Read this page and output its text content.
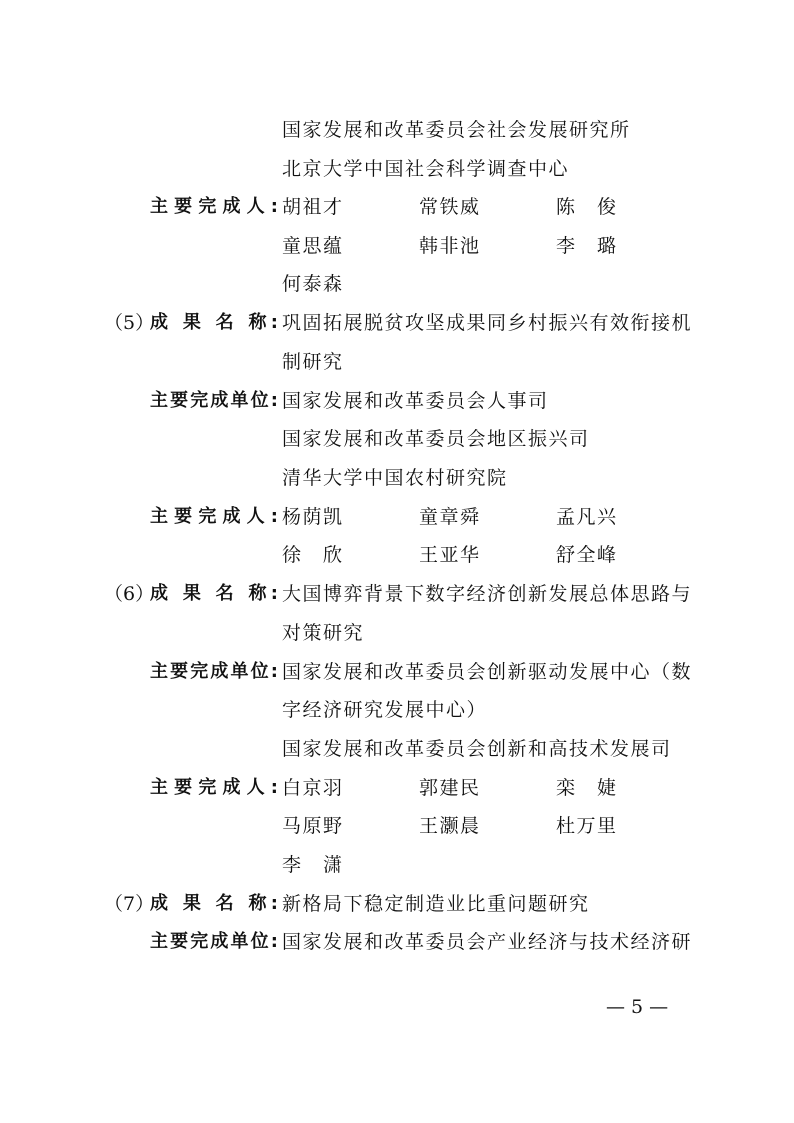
国家发展和改革委员会社会发展研究所
北京大学中国社会科学调查中心
主要完成人: 胡祖才	常铁威	陈　俊
童思蕴	韩非池	李　璐
何泰森
（5）
成 果 名 称: 巩固拓展脱贫攻坚成果同乡村振兴有效衔接机
制研究
主要完成单位: 国家发展和改革委员会人事司
国家发展和改革委员会地区振兴司
清华大学中国农村研究院
主要完成人: 杨荫凯	童章舜	孟凡兴
徐　欣	王亚华	舒全峰
（6）
成 果 名 称: 大国博弈背景下数字经济创新发展总体思路与
对策研究
主要完成单位: 国家发展和改革委员会创新驱动发展中心（数
字经济研究发展中心）
国家发展和改革委员会创新和高技术发展司
主要完成人: 白京羽	郭建民	栾　婕
马原野	王灏晨	杜万里
李　潇
（7）
成 果 名 称: 新格局下稳定制造业比重问题研究
主要完成单位: 国家发展和改革委员会产业经济与技术经济研
— 5 —
